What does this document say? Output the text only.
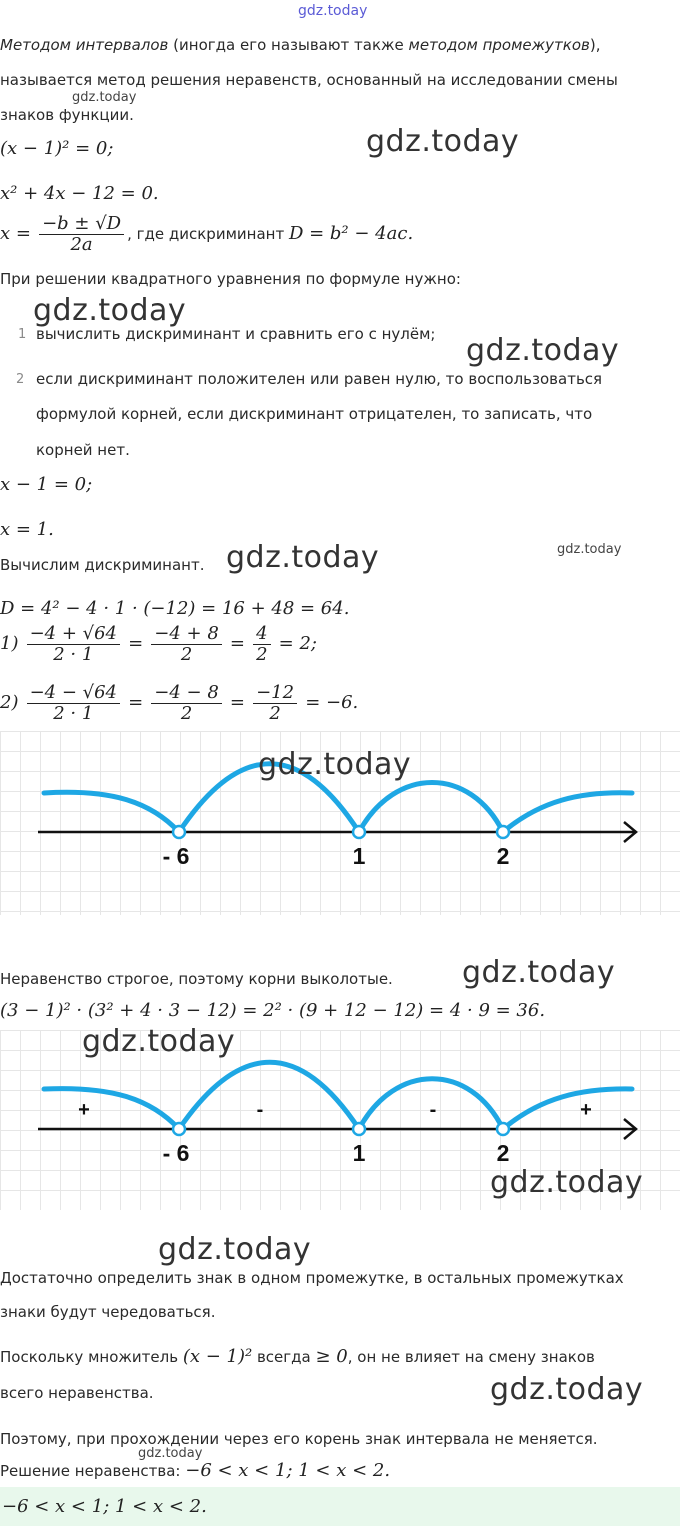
gdz.today
Методом интервалов (иногда его называют также методом промежутков),
называется метод решения неравенств, основанный на исследовании смены
знаков функции.
gdz.today
(x − 1)² = 0;	gdz.today
x² + 4x − 12 = 0.
$x = \frac{-b \pm √D}{2a}$ , где дискриминант D = b² − 4ac.
При решении квадратного уравнения по формуле нужно:
gdz.today
1 вычислить дискриминант и сравнить его с нулём; gdz.today
2 если дискриминант положителен или равен нулю, то воспользоваться
формулой корней, если дискриминант отрицателен, то записать, что
корней нет.
x − 1 = 0;
x = 1.
Вычислим дискриминант. gdz.today	gdz.today
D = 4² − 4 · 1 · (−12) = 16 + 48 = 64.
$1) \frac{-4 + √64}{2 \cdot 1} = \frac{-4 + 8}{2} = \frac{4}{2} = 2$;
$2) \frac{-4 - √64}{2 \cdot 1} = \frac{-4 - 8}{2} = \frac{-12}{2} = -6$.
- 6	1	2
gdz.today
Неравенство строгое, поэтому корни выколотые. gdz.today
(3 − 1)² · (3² + 4 · 3 − 12) = 2² · (9 + 12 − 12) = 4 · 9 = 36.
+	-	-	+
- 6	1	2
gdz.today
gdz.today
gdz.today
Достаточно определить знак в одном промежутке, в остальных промежутках
знаки будут чередоваться.
Поскольку множитель (x − 1)² всегда ≥ 0, он не влияет на смену знаков
всего неравенства.	gdz.today
Поэтому, при прохождении через его корень знак интервала не меняется.
gdz.today
Решение неравенства: −6 < x < 1; 1 < x < 2.
−6 < x < 1; 1 < x < 2.
